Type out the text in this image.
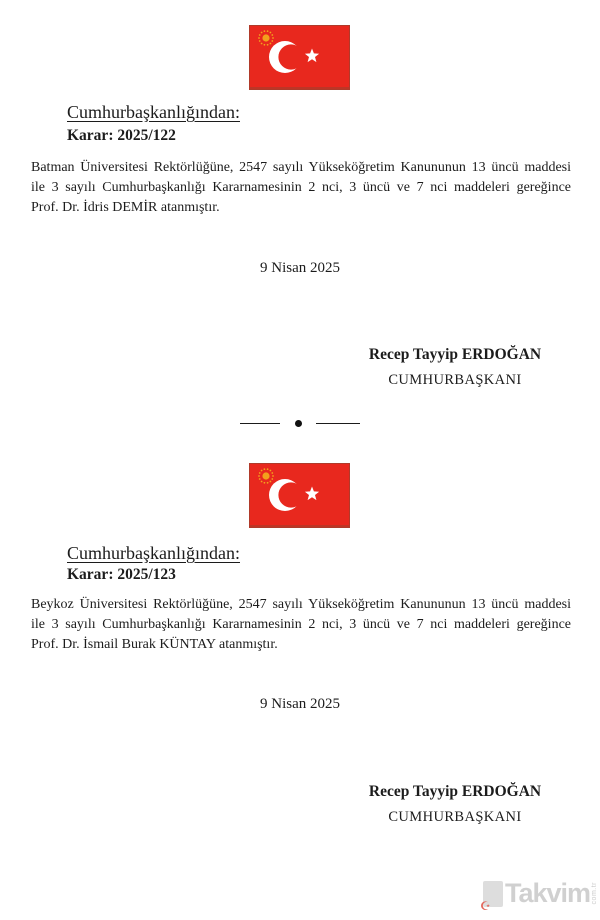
Cumhurbaşkanlığından:
Karar: 2025/122
Batman Üniversitesi Rektörlüğüne, 2547 sayılı Yükseköğretim Kanununun 13 üncü maddesi
ile 3 sayılı Cumhurbaşkanlığı Kararnamesinin 2 nci, 3 üncü ve 7 nci maddeleri gereğince
Prof. Dr. İdris DEMİR atanmıştır.
9 Nisan 2025
Recep Tayyip ERDOĞAN
CUMHURBAŞKANI
Cumhurbaşkanlığından:
Karar: 2025/123
Beykoz Üniversitesi Rektörlüğüne, 2547 sayılı Yükseköğretim Kanununun 13 üncü maddesi
ile 3 sayılı Cumhurbaşkanlığı Kararnamesinin 2 nci, 3 üncü ve 7 nci maddeleri gereğince
Prof. Dr. İsmail Burak KÜNTAY atanmıştır.
9 Nisan 2025
Recep Tayyip ERDOĞAN
CUMHURBAŞKANI
☪ Takvim com.tr
